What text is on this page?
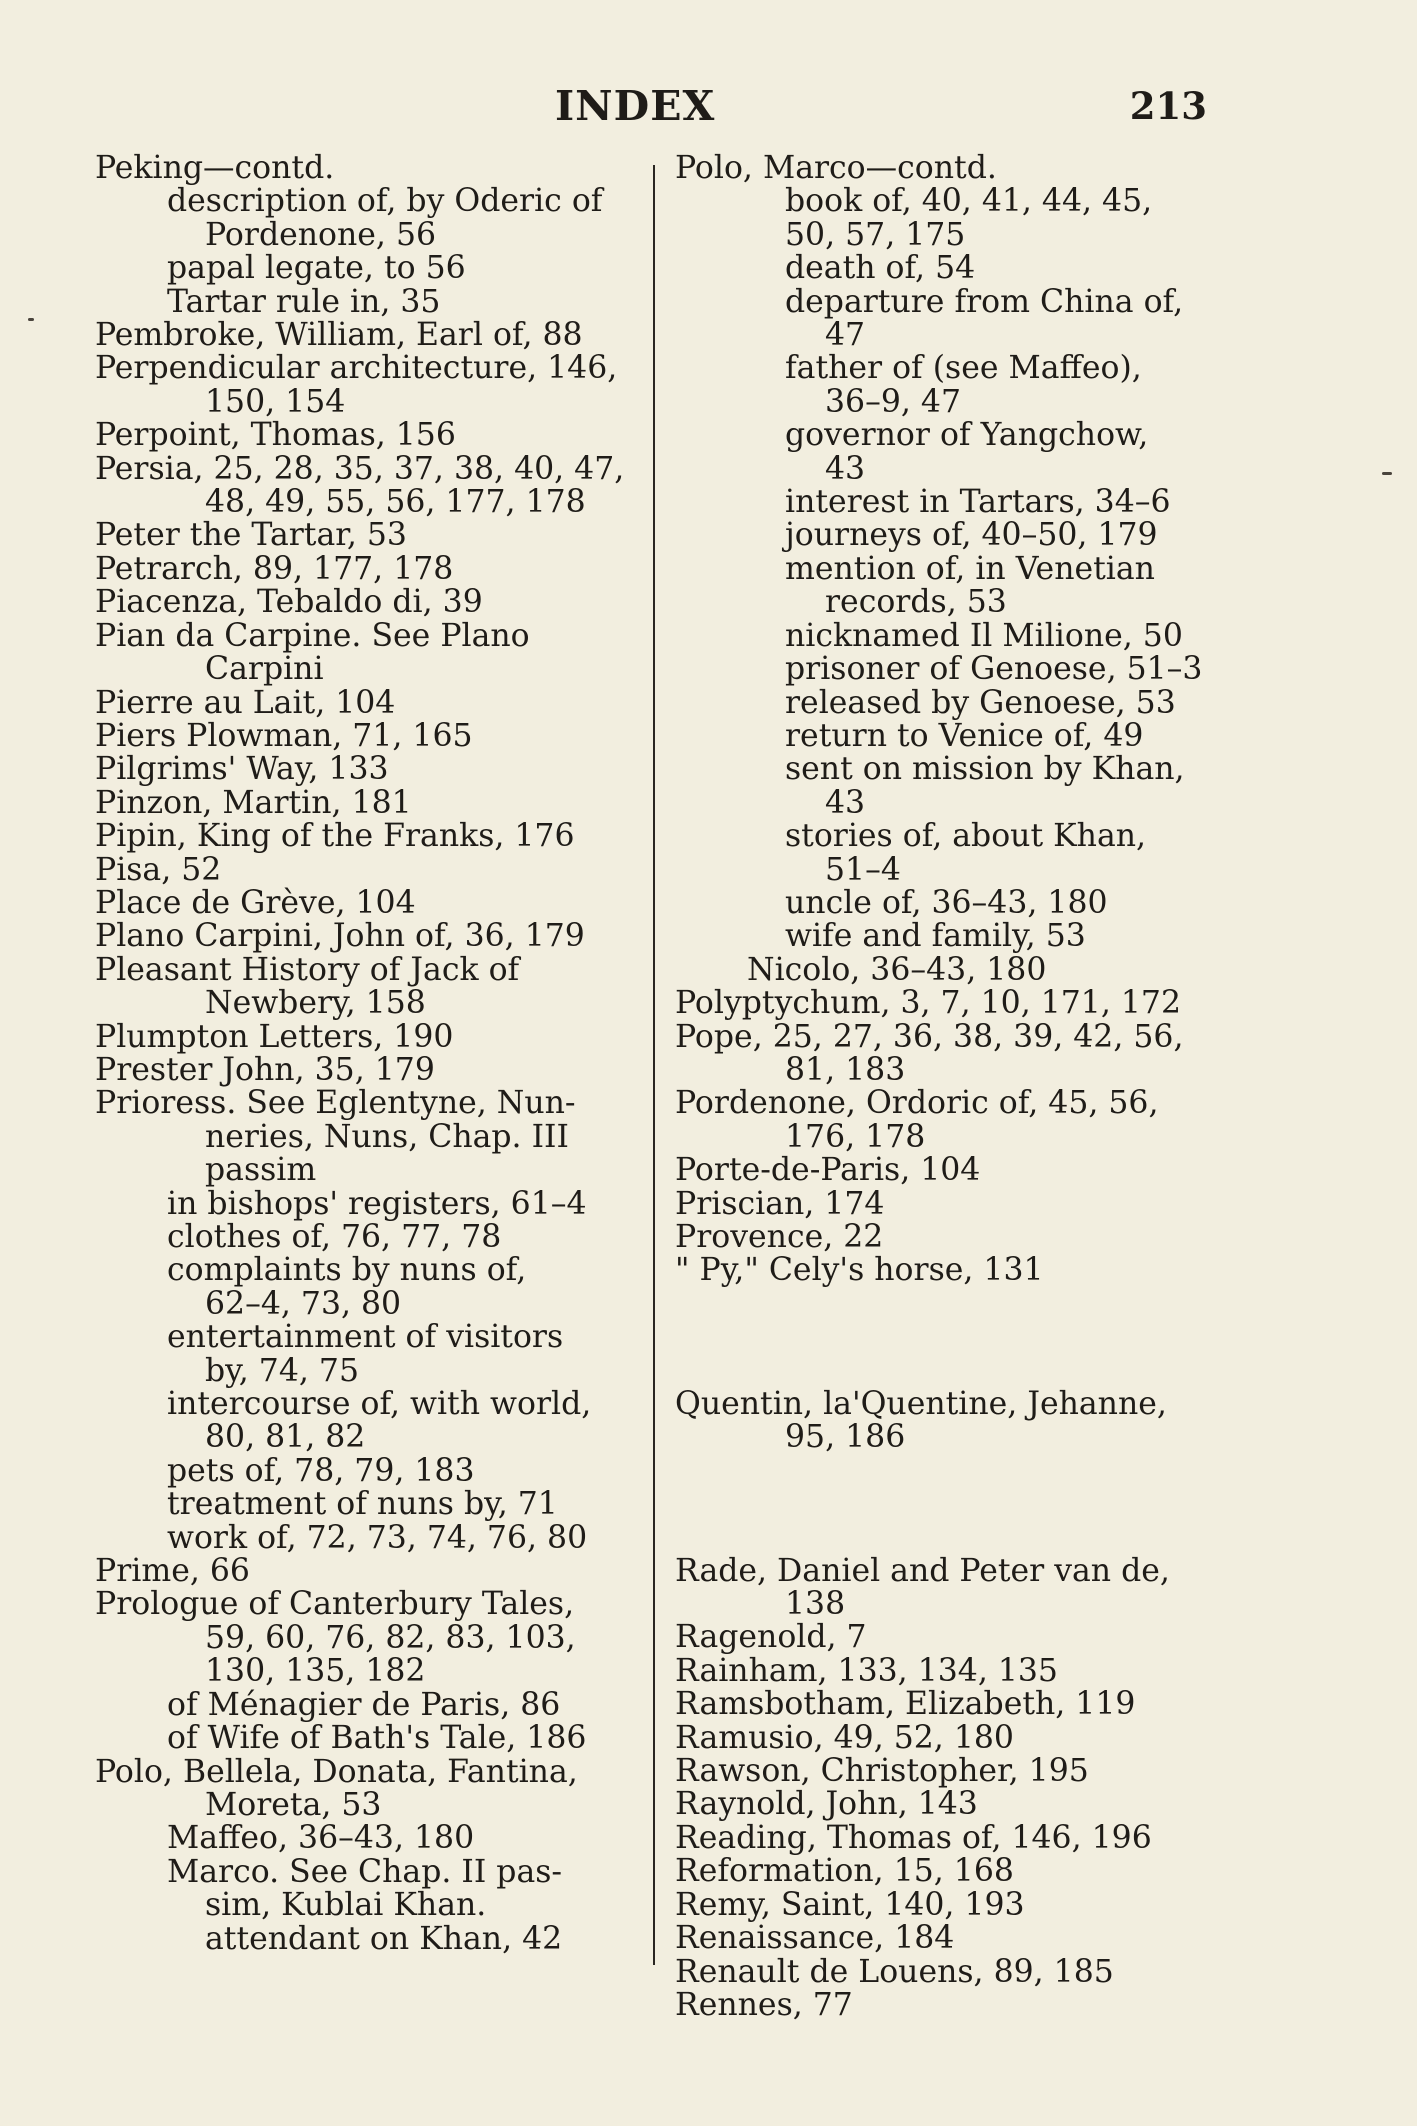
INDEX	213
Peking—contd.
description of, by Oderic of
Pordenone, 56
papal legate, to 56
Tartar rule in, 35
Pembroke, William, Earl of, 88
Perpendicular architecture, 146,
150, 154
Perpoint, Thomas, 156
Persia, 25, 28, 35, 37, 38, 40, 47,
48, 49, 55, 56, 177, 178
Peter the Tartar, 53
Petrarch, 89, 177, 178
Piacenza, Tebaldo di, 39
Pian da Carpine. See Plano
Carpini
Pierre au Lait, 104
Piers Plowman, 71, 165
Pilgrims' Way, 133
Pinzon, Martin, 181
Pipin, King of the Franks, 176
Pisa, 52
Place de Grève, 104
Plano Carpini, John of, 36, 179
Pleasant History of Jack of
Newbery, 158
Plumpton Letters, 190
Prester John, 35, 179
Prioress. See Eglentyne, Nun-
neries, Nuns, Chap. III
passim
in bishops' registers, 61–4
clothes of, 76, 77, 78
complaints by nuns of,
62–4, 73, 80
entertainment of visitors
by, 74, 75
intercourse of, with world,
80, 81, 82
pets of, 78, 79, 183
treatment of nuns by, 71
work of, 72, 73, 74, 76, 80
Prime, 66
Prologue of Canterbury Tales,
59, 60, 76, 82, 83, 103,
130, 135, 182
of Ménagier de Paris, 86
of Wife of Bath's Tale, 186
Polo, Bellela, Donata, Fantina,
Moreta, 53
Maffeo, 36–43, 180
Marco. See Chap. II pas-
sim, Kublai Khan.
attendant on Khan, 42
Polo, Marco—contd.
book of, 40, 41, 44, 45,
50, 57, 175
death of, 54
departure from China of,
47
father of (see Maffeo),
36–9, 47
governor of Yangchow,
43
interest in Tartars, 34–6
journeys of, 40–50, 179
mention of, in Venetian
records, 53
nicknamed Il Milione, 50
prisoner of Genoese, 51–3
released by Genoese, 53
return to Venice of, 49
sent on mission by Khan,
43
stories of, about Khan,
51–4
uncle of, 36–43, 180
wife and family, 53
Nicolo, 36–43, 180
Polyptychum, 3, 7, 10, 171, 172
Pope, 25, 27, 36, 38, 39, 42, 56,
81, 183
Pordenone, Ordoric of, 45, 56,
176, 178
Porte-de-Paris, 104
Priscian, 174
Provence, 22
" Py," Cely's horse, 131
Quentin, la'Quentine, Jehanne,
95, 186
Rade, Daniel and Peter van de,
138
Ragenold, 7
Rainham, 133, 134, 135
Ramsbotham, Elizabeth, 119
Ramusio, 49, 52, 180
Rawson, Christopher, 195
Raynold, John, 143
Reading, Thomas of, 146, 196
Reformation, 15, 168
Remy, Saint, 140, 193
Renaissance, 184
Renault de Louens, 89, 185
Rennes, 77
